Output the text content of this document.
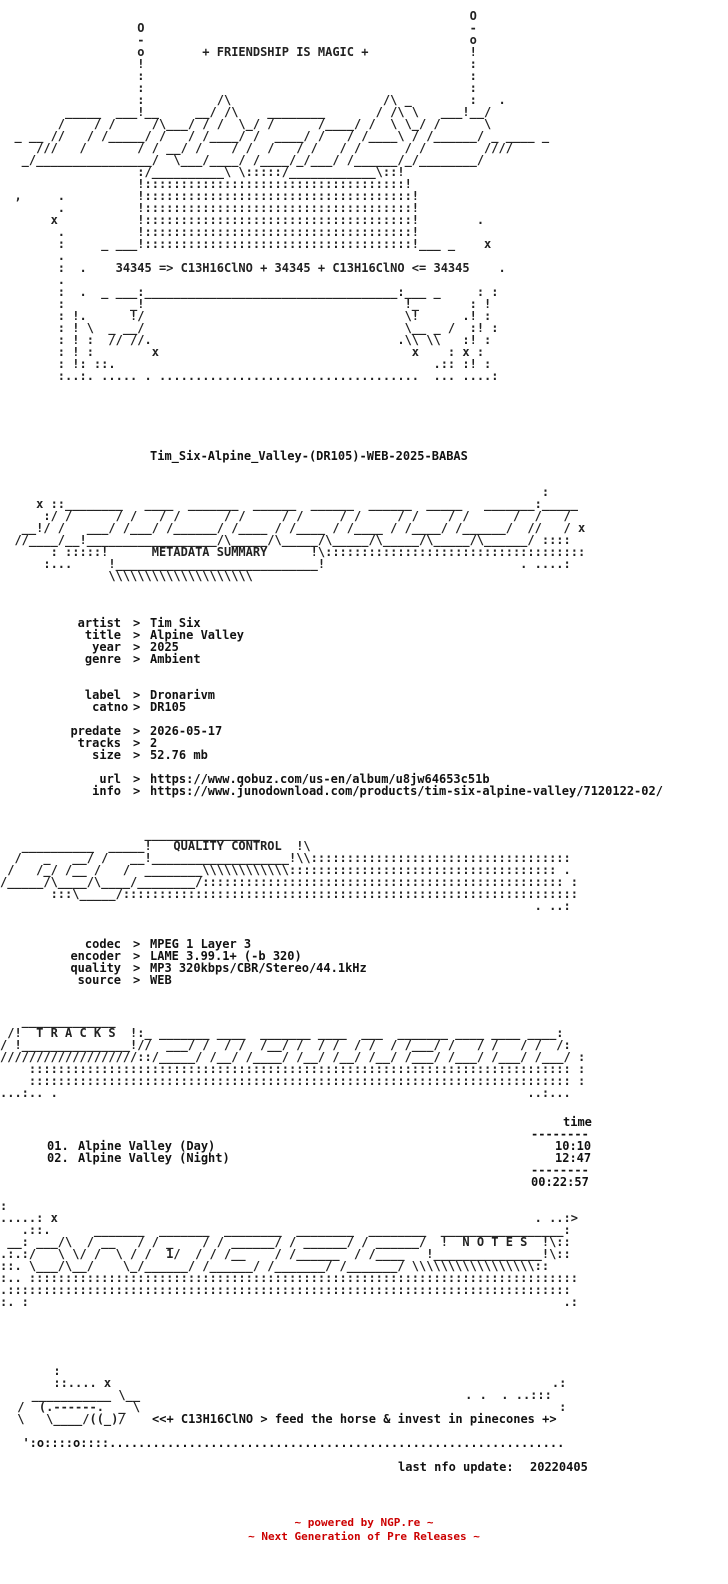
O
O                                             -
-                                             o
o        + FRIENDSHIP IS MAGIC +              !
!                                             :
:                                             :
:                                             :
:          /\                     /\ _        :   .
_____  ___!__     __/ /\    ________       / /\ \   ___!__/
/    / /     /\___/ / /  \_/ /      /____/ /  \ \_/ /      \
_ __ //   / /_____/ /   / /____/ /  ____/ /   / /____\ / /______/ _ ____ _
///   /       / / __/ /    / /  /   / /   / /      / /        ////
_/________________/  \___/____/ /____/_/___/ /______/_/________/
:/__________\ \:::::/____________\::!
!::::::::::::::::::::::::::::::::::::!
,     .          !:::::::::::::::::::::::::::::::::::::!
.          !:::::::::::::::::::::::::::::::::::::!
x           !:::::::::::::::::::::::::::::::::::::!        .
.          !:::::::::::::::::::::::::::::::::::::!
:     _ ___!:::::::::::::::::::::::::::::::::::::!___ _    x
.
:  .    34345 => C13H16ClNO + 34345 + C13H16ClNO <= 34345    .
.
:  .  _ ___:___________________________________:___ _     : :
:         _!                                    !_       : !
: !.      !/                                    \!      .! :
: ! \  _ __/                                    \__ _ /  :! :
: ! :  // //.                                  .\\ \\   :! :
: ! :        x                                   x    : x :
: !: ::.                                            .:: :! :
:..:. ..... . ....................................  ... ....:
Tim_Six-Alpine_Valley-(DR105)-WEB-2025-BABAS
:
x ::________   ____  _______  ______  ______  ______  _____   _______:_____
:/ /      / /   / /      / /     / /     / /     / /    / /      /  /   /
__!/ /   ___/ /___/ /______/ /____ / /____ / /____ / /____/ /______/  //   / x
//____/__!__________________/\_____/\_____/\_____/\_____/\_____/\______/ ::::
: :::::!      METADATA SUMMARY      !\::::::::::::::::::::::::::::::::::::
:...     !____________________________!                           . ....:
\\\\\\\\\\\\\\\\\\\\
artist > Tim Six
title > Alpine Valley
year > 2025
genre > Ambient
label > Dronarivm
catno > DR105
predate > 2026-05-17
tracks > 2
size > 52.76 mb
url > https://www.qobuz.com/us-en/album/u8jw64653c51b
info > https://www.junodownload.com/products/tim-six-alpine-valley/7120122-02/
________________
__________  _____!   QUALITY CONTROL  !\
/   _   __/ /   __!___________________!\\::::::::::::::::::::::::::::::::::::
/   /_/ /__ /   /  ________\\\\\\\\\\\\::::::::::::::::::::::::::::::::::::: .
/_____/\____/\____/________/:::::::::::::::::::::::::::::::::::::::::::::::::: :
:::\_____/:::::::::::::::::::::::::::::::::::::::::::::::::::::::::::::::
. ..:
codec > MPEG 1 Layer 3
encoder > LAME 3.99.1+ (-b 320)
quality > MP3 320kbps/CBR/Stereo/44.1kHz
source > WEB
_____________
/!  T R A C K S  !:_ _______ ____  _______ ____  ___  _______ ____ ____ ____:
/ !_______________!//  ___/ /  / /  /__/ /  / /  / /  / /___/ /   / /   / /  /:
///////////////////::/_____/ /__/ /____/ /__/ /__/ /__/ /___/ /___/ /___/ /___/ :
::::::::::::::::::::::::::::::::::::::::::::::::::::::::::::::::::::::::::: :
::::::::::::::::::::::::::::::::::::::::::::::::::::::::::::::::::::::::::: :
...:.. .                                                                 ..:...
time
--------
01. Alpine Valley (Day)	10:10
02. Alpine Valley (Night)	12:47
--------
00:22:57
:
.....: x                                                                  . ..:>
.::.      _______  _______  ________  ________  ________  _________________:
__: ___/\  / __   / / _    / / ______/ / ______/ / ______/  !  N O T E S  !\::
.:.:/   \ \/ /  \ / /  1/  / / /__    / /______  / /____   !_______________!\::
::. \___/\__/    \_/______/ /______/ /_______/ /_______/ \\\\\\\\\\\\\\\\\::
:.. ::::::::::::::::::::::::::::::::::::::::::::::::::::::::::::::::::::::::::::
.::::::::::::::::::::::::::::::::::::::::::::::::::::::::::::::::::::::::::::::
:. :                                                                          .:
:
::.... x                                                             .:
___________ \__                                             . .  . ..:::
/  (.------.  _ \                                                          :
\   \____/((_)/ <<+ C13H16ClNO > feed the horse & invest in pinecones +>
':o::::o::::...............................................................
last nfo update: 20220405
~ powered by NGP.re ~
~ Next Generation of Pre Releases ~
